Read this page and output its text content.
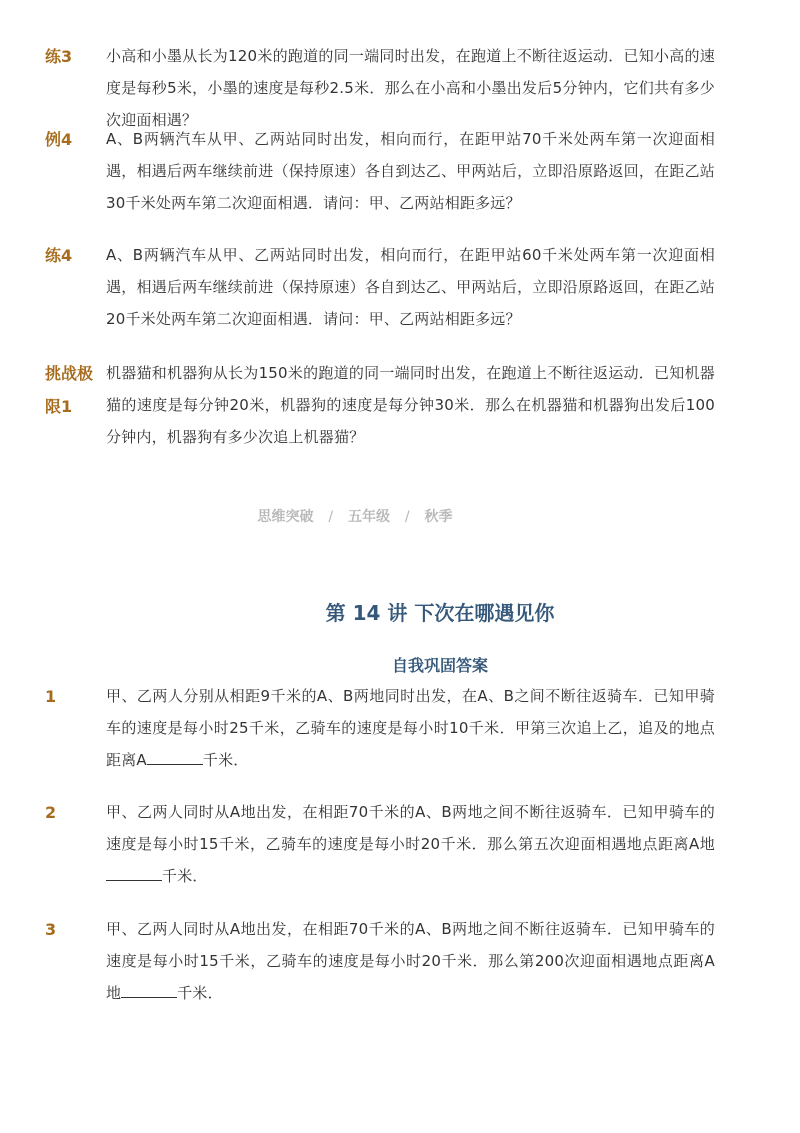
练3	小高和小墨从长为120米的跑道的同一端同时出发，在跑道上不断往返运动．已知小高的速度是每秒5米，小墨的速度是每秒2.5米．那么在小高和小墨出发后5分钟内，它们共有多少次迎面相遇？
例4	A、B两辆汽车从甲、乙两站同时出发，相向而行，在距甲站70千米处两车第一次迎面相遇，相遇后两车继续前进（保持原速）各自到达乙、甲两站后，立即沿原路返回，在距乙站30千米处两车第二次迎面相遇．请问：甲、乙两站相距多远？
练4	A、B两辆汽车从甲、乙两站同时出发，相向而行，在距甲站60千米处两车第一次迎面相遇，相遇后两车继续前进（保持原速）各自到达乙、甲两站后，立即沿原路返回，在距乙站20千米处两车第二次迎面相遇．请问：甲、乙两站相距多远？
挑战极
限1
机器猫和机器狗从长为150米的跑道的同一端同时出发，在跑道上不断往返运动．已知机器猫的速度是每分钟20米，机器狗的速度是每分钟30米．那么在机器猫和机器狗出发后100分钟内，机器狗有多少次追上机器猫？
思维突破 / 五年级 / 秋季
第 14 讲 下次在哪遇见你
自我巩固答案
1	甲、乙两人分别从相距9千米的A、B两地同时出发，在A、B之间不断往返骑车．已知甲骑车的速度是每小时25千米，乙骑车的速度是每小时10千米．甲第三次追上乙，追及的地点距离A	千米．
2	甲、乙两人同时从A地出发，在相距70千米的A、B两地之间不断往返骑车．已知甲骑车的速度是每小时15千米，乙骑车的速度是每小时20千米．那么第五次迎面相遇地点距离A地千米．
3	甲、乙两人同时从A地出发，在相距70千米的A、B两地之间不断往返骑车．已知甲骑车的速度是每小时15千米，乙骑车的速度是每小时20千米．那么第200次迎面相遇地点距离A地	千米．
